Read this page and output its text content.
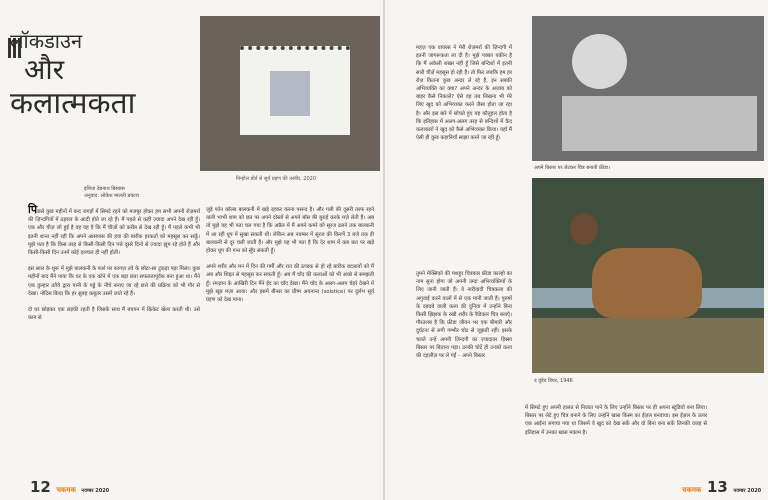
लॉकडाउन
और
कलात्मकता
पिन्होल बोर्ड से सूर्य ग्रहण की तस्वीर, 2020
इशिता देबनाथ बिस्वास
अनुवाद: लोकेश मालती प्रकाश

पिछले कुछ महीनों में बन्द जगहों में सिमटे रहने को मजबूर होकर हम सभी अपनी रोज़मर्रा की ज़िन्दगियों में ठहराव के आदी होते जा रहे हैं। मैं पहले से कहीं ज़्यादा अपने देख रही हूँ। एक और चीज़ जो हुई है वह यह है कि मैं चीज़ों को करीब से देख रही हूँ। मैं पहले कभी भी इतनी शान्त नहीं रही कि अपने आसपास की हवा की बारीक हरकतों को महसूस कर सकूँ। मुझे पता है कि किस तरह से किसी-किसी दिन पत्ते दूसरे दिनों से ज़्यादा झूम रहे होते हैं और किसी-किसी दिन उनमें कोई हलचल ही नहीं होती।

इस साल के शुरू में मुझे बालकनी के फर्श पर कागज़ तवे के छोटा-सा टुकड़ा पड़ा मिला। कुछ महीनों बाद मैंने पाया कि घर के एक कोने में एक बड़ा छता सफलतापूर्वक बना हुआ था। मैंने एक कुम्हार ततैये द्वारा पानी के गड्ढे के नीचे बनाए जा रहे छत्ते की प्रक्रिया को भी गौर से देखा। नोटिस किया कि हर सुबह कबूतर उसमें जाते रहे हैं।

दो घर छोड़कर एक लड़की रहती है जिसके साथ मैं बचपन में क्रिकेट खेला करती थी। उसे काम से

जुड़े फोन कॉल्स बालकनी में खड़े रहकर करना पसन्द है। और गली की दूसरी तरफ रहने वाली भाभी शाम को छत पर अपने दोस्तों से अपने बॉस की बुराई करके मज़े लेती हैं। अब तो मुझे यह भी पता चल गया है कि अप्रैल में मैं अपने कमरे को सूरज ढलने तक बालकनी में आ रही धूप में सुखा सकती थी। लेकिन अब नवम्बर में सूरज की किरणें 3 बजे तक ही बालकनी से दूर चली जाती हैं। और मुझे यह भी पता है कि देर शाम में कब छत पर खड़े होकर धूप की गन्ध को सूँघ सकती हूँ।

अपने शरीर और मन में दिन की गर्मी और रात की ठण्डक से हो रहे बारीक बदलावों को मैं अब और शिद्दत से महसूस कर सकती हूँ। अब मैं चाँद की कलाओं को भी अच्छे से समझती हूँ। रमज़ान के आखिरी दिन मैंने ईद का चाँद देखा। मैंने चाँद के अलग-अलग चेहरे देखने में मुझे खूब मज़ा आया। और इसमें बीनस का प्रीष्म अयनान्त (solstice) पर दुर्लभ सूर्य ग्रहण को देख पाना।

12 चकमक नवम्बर 2020

महज़ एक वायरस ने मेरी रोज़मर्रा की ज़िन्दगी में इतनी जागरूकता ला दी है। मुझे पक्का यकीन है कि मैं अकेली शख्स नहीं हूँ जिसे बन्दिशों में इतनी सारी चीज़ें महसूस हो रही हैं। तो फिर जबकि हम हर रोज़ कितना कुछ अन्दर ले रहे हैं, इन सबकी अभिव्यक्ति का क्या? अपने अन्दर के अजाब को बाहर कैसे निकालें? ऐसे वह तब लिखना भी मेरे लिए खुद को अभिव्यक्त करने जैसा होता जा रहा है। और इस बारे में सोचते हुए यह कौतूहल होता है कि इतिहास में अलग-अलग तरह से बन्दिशों में कैद कलाकारों ने खुद को कैसे अभिव्यक्त किया। यहाँ मैं ऐसी ही कुछ कहानियाँ साझा करने जा रही हूँ।

तुमने मेक्सिको की मशहूर चित्रकार फ्रीडा काल्हो का नाम सुना होगा जो अपनी उम्दा अभिव्यक्तियों के लिए जानी जाती हैं। वे नारीवादी चित्रकला की अगुवाई करने वालों में से एक मानी जाती हैं। पुरुषों के दबदबे वाली कला की दुनिया में उन्होंने बिना किसी झिझक के रखी शरीर के रैडिकल चित्र बनाएँ। गौरतलब है कि फ्रीडा जीवन भर एक बीमारी और दुर्घटना से लगी गम्भीर चोट से जूझती रहीं। इसके चलते उन्हें अपनी ज़िन्दगी का ज़्यादातर हिस्सा बिस्तर पर बिताना पड़ा। उनकी चोटें ही उनको कला की दहलीज़ पर ले गईं – अपने बिस्तर

अपने बिस्तर पर लेटकर चित्र बनाती फ्रीडा।
द वूंडेड डियर, 1946

में सिमटे हुए अपनी हालत से निजात पाने के लिए उन्होंने बिस्तर पर ही अपना स्टूडियो बना लिया। बिस्तर पर लेटे हुए चित्र बनाने के लिए उन्होंने खास किस्म का ईज़ल बनवाया। इस ईज़ल के ऊपर एक आईना लगाया गया था जिसमें वे खुद को देख सकें और वो बिना बना सकें जिनकी वजह से इतिहास में उनका खास मकाम है।

चकमक 13 नवम्बर 2020
